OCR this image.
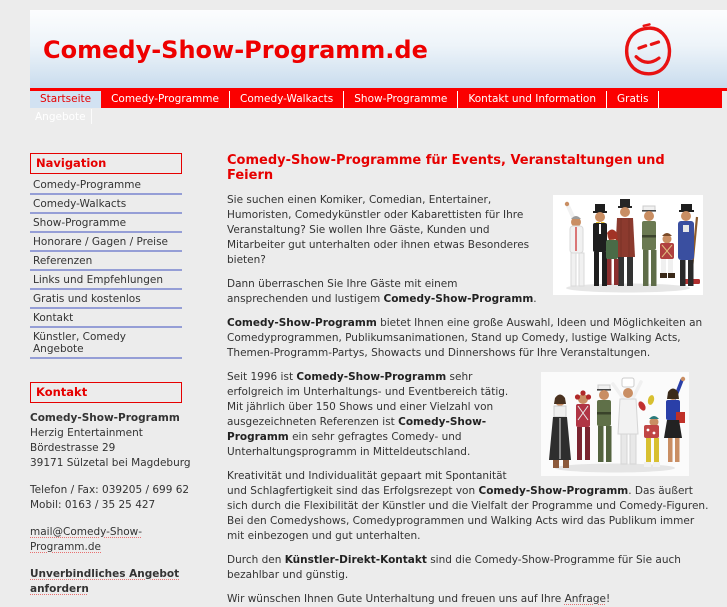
Comedy-Show-Programm.de
Startseite	Comedy-Programme	Comedy-Walkacts	Show-Programme	Kontakt und Information	Gratis
Angebote
Navigation
Comedy-Programme
Comedy-Walkacts
Show-Programme
Honorare / Gagen / Preise
Referenzen
Links und Empfehlungen
Gratis und kostenlos
Kontakt
Künstler, Comedy Angebote
Kontakt
Comedy-Show-Programm
Herzig Entertainment
Bördestrasse 29
39171 Sülzetal bei Magdeburg
Telefon / Fax: 039205 / 699 62
Mobil: 0163 / 35 25 427
mail@Comedy-Show-Programm.de
Unverbindliches Angebot anfordern
Comedy-Show-Programme für Events, Veranstaltungen und Feiern

Sie suchen einen Komiker, Comedian, Entertainer, Humoristen, Comedykünstler oder Kabarettisten für Ihre Veranstaltung? Sie wollen Ihre Gäste, Kunden und Mitarbeiter gut unterhalten oder ihnen etwas Besonderes bieten?

Dann überraschen Sie Ihre Gäste mit einem ansprechenden und lustigem Comedy-Show-Programm.

Comedy-Show-Programm bietet Ihnen eine große Auswahl, Ideen und Möglichkeiten an Comedyprogrammen, Publikumsanimationen, Stand up Comedy, lustige Walking Acts, Themen-Programm-Partys, Showacts und Dinnershows für Ihre Veranstaltungen.

Seit 1996 ist Comedy-Show-Programm sehr erfolgreich im Unterhaltungs- und Eventbereich tätig. Mit jährlich über 150 Shows und einer Vielzahl von ausgezeichneten Referenzen ist Comedy-Show-Programm ein sehr gefragtes Comedy- und Unterhaltungsprogramm in Mitteldeutschland.

Kreativität und Individualität gepaart mit Spontanität und Schlagfertigkeit sind das Erfolgsrezept von Comedy-Show-Programm. Das äußert sich durch die Flexibilität der Künstler und die Vielfalt der Programme und Comedy-Figuren. Bei den Comedyshows, Comedyprogrammen und Walking Acts wird das Publikum immer mit einbezogen und gut unterhalten.

Durch den Künstler-Direkt-Kontakt sind die Comedy-Show-Programme für Sie auch bezahlbar und günstig.

Wir wünschen Ihnen Gute Unterhaltung und freuen uns auf Ihre Anfrage!
